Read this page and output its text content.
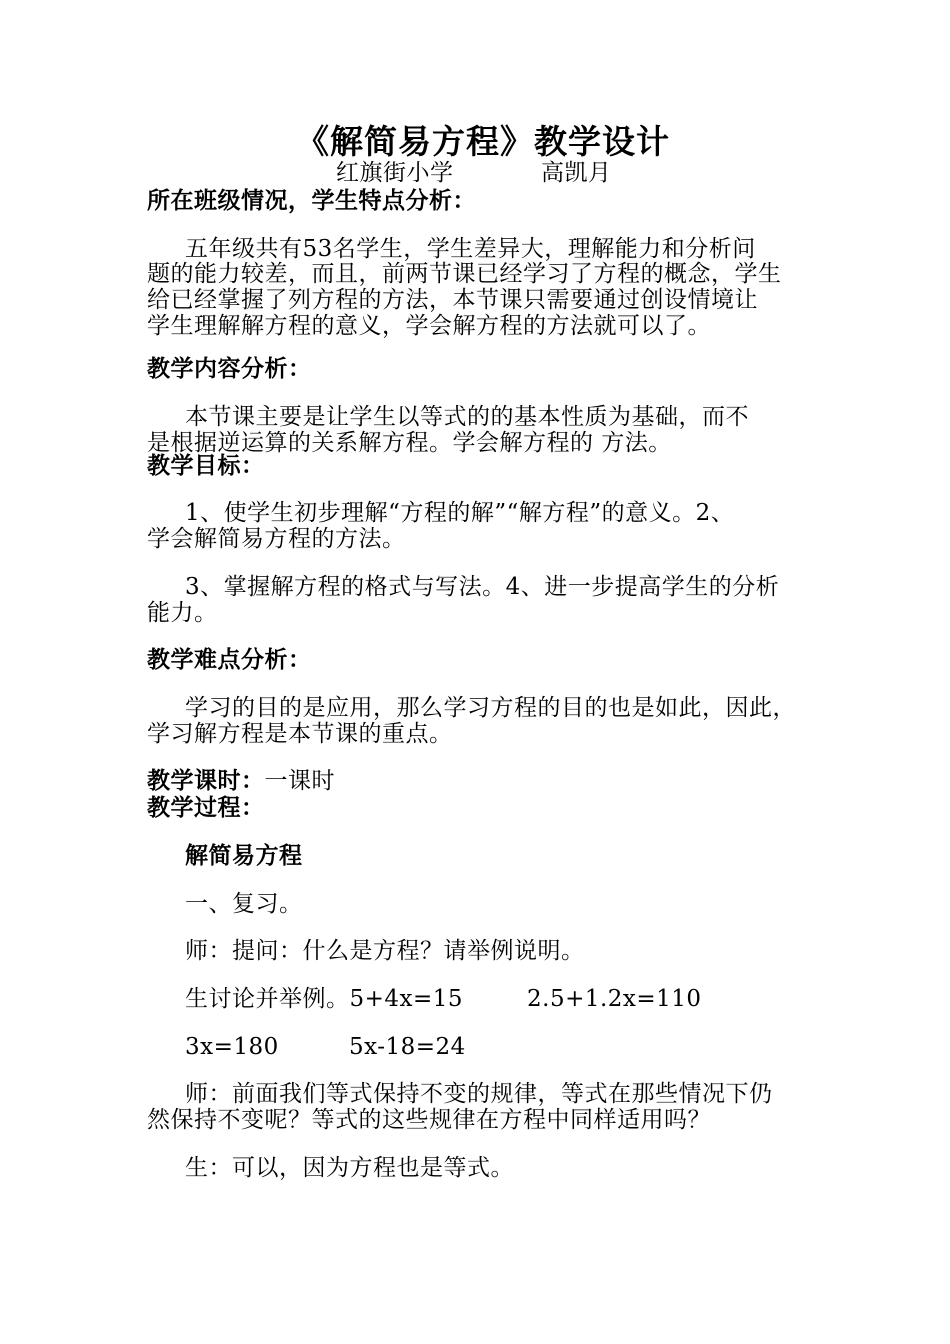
《解简易方程》教学设计
红旗街小学	高凯月
所在班级情况，学生特点分析：
五年级共有53名学生，学生差异大，理解能力和分析问
题的能力较差，而且，前两节课已经学习了方程的概念，学生
给已经掌握了列方程的方法，本节课只需要通过创设情境让
学生理解解方程的意义，学会解方程的方法就可以了。
教学内容分析：
本节课主要是让学生以等式的的基本性质为基础，而不
是根据逆运算的关系解方程。学会解方程的 方法。
教学目标：
1、使学生初步理解“方程的解”“解方程”的意义。2、
学会解简易方程的方法。
3、掌握解方程的格式与写法。4、进一步提高学生的分析
能力。
教学难点分析：
学习的目的是应用，那么学习方程的目的也是如此，因此，
学习解方程是本节课的重点。
教学课时：一课时
教学过程：
解简易方程
一、复习。
师：提问：什么是方程？请举例说明。
生讨论并举例。5+4x=15	2.5+1.2x=110
3x=180	5x-18=24
师：前面我们等式保持不变的规律，等式在那些情况下仍
然保持不变呢？等式的这些规律在方程中同样适用吗？
生：可以，因为方程也是等式。
